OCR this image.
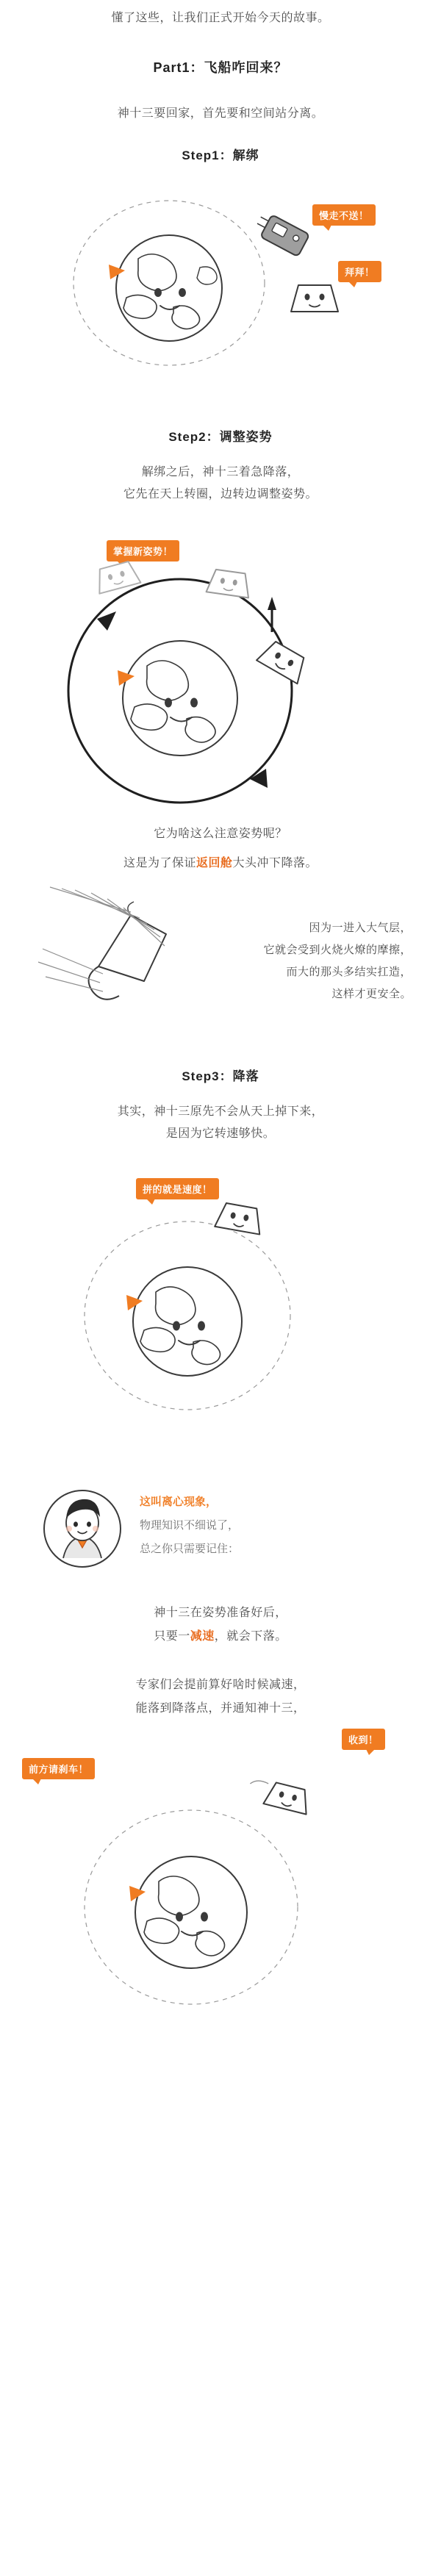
懂了这些，让我们正式开始今天的故事。
Part1：飞船咋回来？
神十三要回家，首先要和空间站分离。
Step1：解绑
慢走不送！
拜拜！
Step2：调整姿势
解绑之后，神十三着急降落，
它先在天上转圈，边转边调整姿势。
掌握新姿势！
它为啥这么注意姿势呢？
这是为了保证返回舱大头冲下降落。
因为一进入大气层，
它就会受到火烧火燎的摩擦，
而大的那头多结实扛造，
这样才更安全。
Step3：降落
其实，神十三原先不会从天上掉下来，
是因为它转速够快。
拼的就是速度！
这叫离心现象，
物理知识不细说了，
总之你只需要记住：
神十三在姿势准备好后，
只要一减速，就会下落。
专家们会提前算好啥时候减速，
能落到降落点，并通知神十三，
前方请刹车！
收到！
